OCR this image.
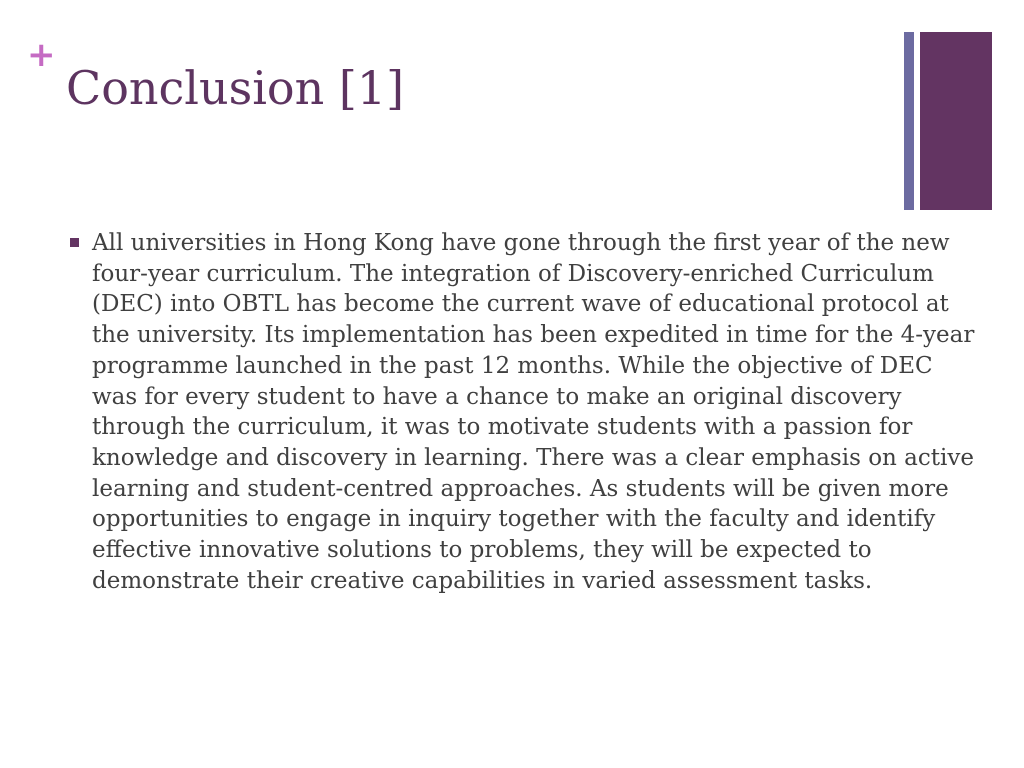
+
Conclusion [1]
All universities in Hong Kong have gone through the first year of the new four-year curriculum. The integration of Discovery-enriched Curriculum (DEC) into OBTL has become the current wave of educational protocol at the university. Its implementation has been expedited in time for the 4-year programme launched in the past 12 months. While the objective of DEC was for every student to have a chance to make an original discovery through the curriculum, it was to motivate students with a passion for knowledge and discovery in learning. There was a clear emphasis on active learning and student-centred approaches. As students will be given more opportunities to engage in inquiry together with the faculty and identify effective innovative solutions to problems, they will be expected to demonstrate their creative capabilities in varied assessment tasks.
